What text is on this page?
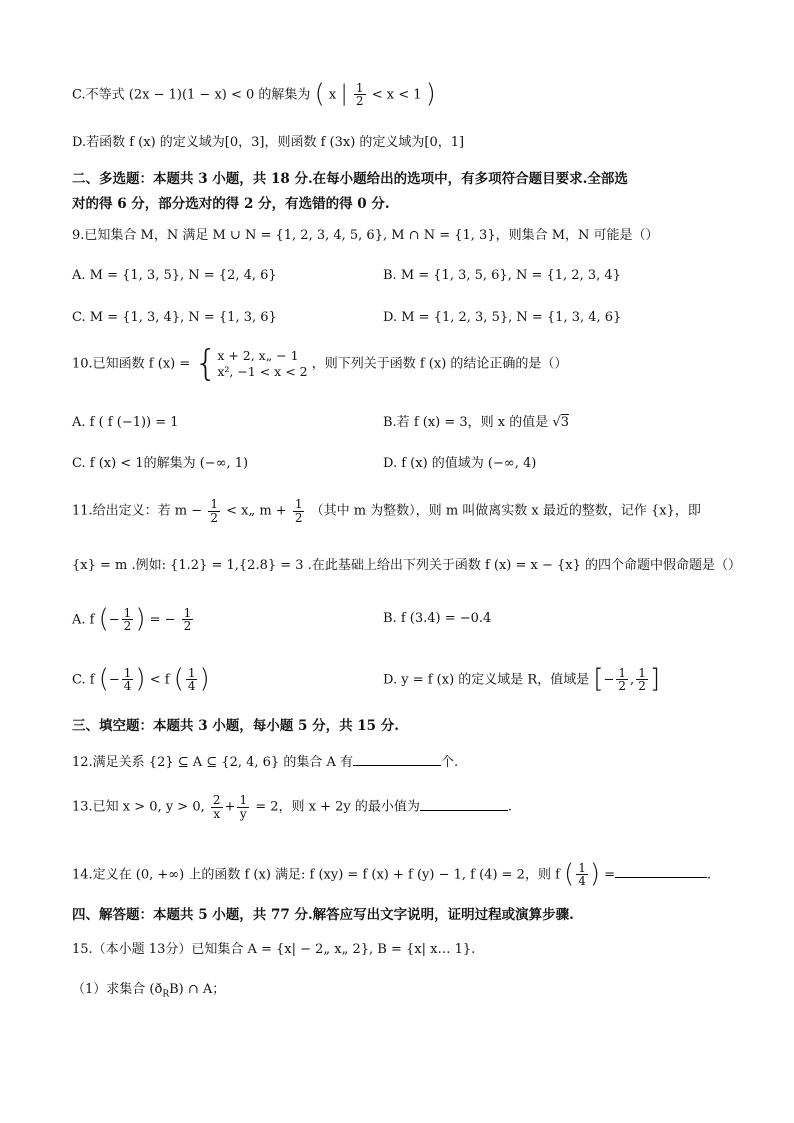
C.不等式 (2x − 1)(1 − x) < 0 的解集为 ( x | $\frac{1}{2} < x < 1$ )
D.若函数 f (x) 的定义域为[0，3]，则函数 f (3x) 的定义域为[0，1]
二、多选题：本题共 3 小题，共 18 分.在每小题给出的选项中，有多项符合题目要求.全部选
对的得 6 分，部分选对的得 2 分，有选错的得 0 分.
9.已知集合 M，N 满足 M ∪ N = {1, 2, 3, 4, 5, 6}, M ∩ N = {1, 3}，则集合 M，N 可能是（）
A. M = {1, 3, 5}, N = {2, 4, 6}	B. M = {1, 3, 5, 6}, N = {1, 2, 3, 4}
C. M = {1, 3, 4}, N = {1, 3, 6}	D. M = {1, 2, 3, 5}, N = {1, 3, 4, 6}
10.已知函数 f (x) = { x + 2, x„ − 1
x², −1 < x < 2 ，则下列关于函数 f (x) 的结论正确的是（）
A. f ( f (−1)) = 1	B.若 f (x) = 3，则 x 的值是 √3
C. f (x) < 1的解集为 (−∞, 1)	D. f (x) 的值域为 (−∞, 4)
11.给出定义：若 $m - \frac{1}{2}$ < x„ $m + \frac{1}{2}$ （其中 m 为整数），则 m 叫做离实数 x 最近的整数，记作 {x}，即
{x} = m .例如: {1.2} = 1,{2.8} = 3 .在此基础上给出下列关于函数 f (x) = x − {x} 的四个命题中假命题是（）
A. f (− $\frac{1}{2}$ ) = − $\frac{1}{2}$	B. f (3.4) = −0.4
C. f (− $\frac{1}{4}$ ) < f ( $\frac{1}{4}$ )	D. y = f (x) 的定义域是 R，值域是 [− $\frac{1}{2}$ , $\frac{1}{2}$ ]
三、填空题：本题共 3 小题，每小题 5 分，共 15 分.
12.满足关系 {2} ⊆ A ⊆ {2, 4, 6} 的集合 A 有	个.
13.已知 x > 0, y > 0, $\frac{2}{x} + \frac{1}{y} = 2$，则 x + 2y 的最小值为	.
14.定义在 (0, +∞) 上的函数 f (x) 满足: f (xy) = f (x) + f (y) − 1, f (4) = 2，则 f ( $\frac{1}{4}$ ) =	.
四、解答题：本题共 5 小题，共 77 分.解答应写出文字说明，证明过程或演算步骤.
15.（本小题 13分）已知集合 A = {x| − 2„ x„ 2}, B = {x| x… 1}.
（1）求集合 $(ð_RB)$ ∩ A；
